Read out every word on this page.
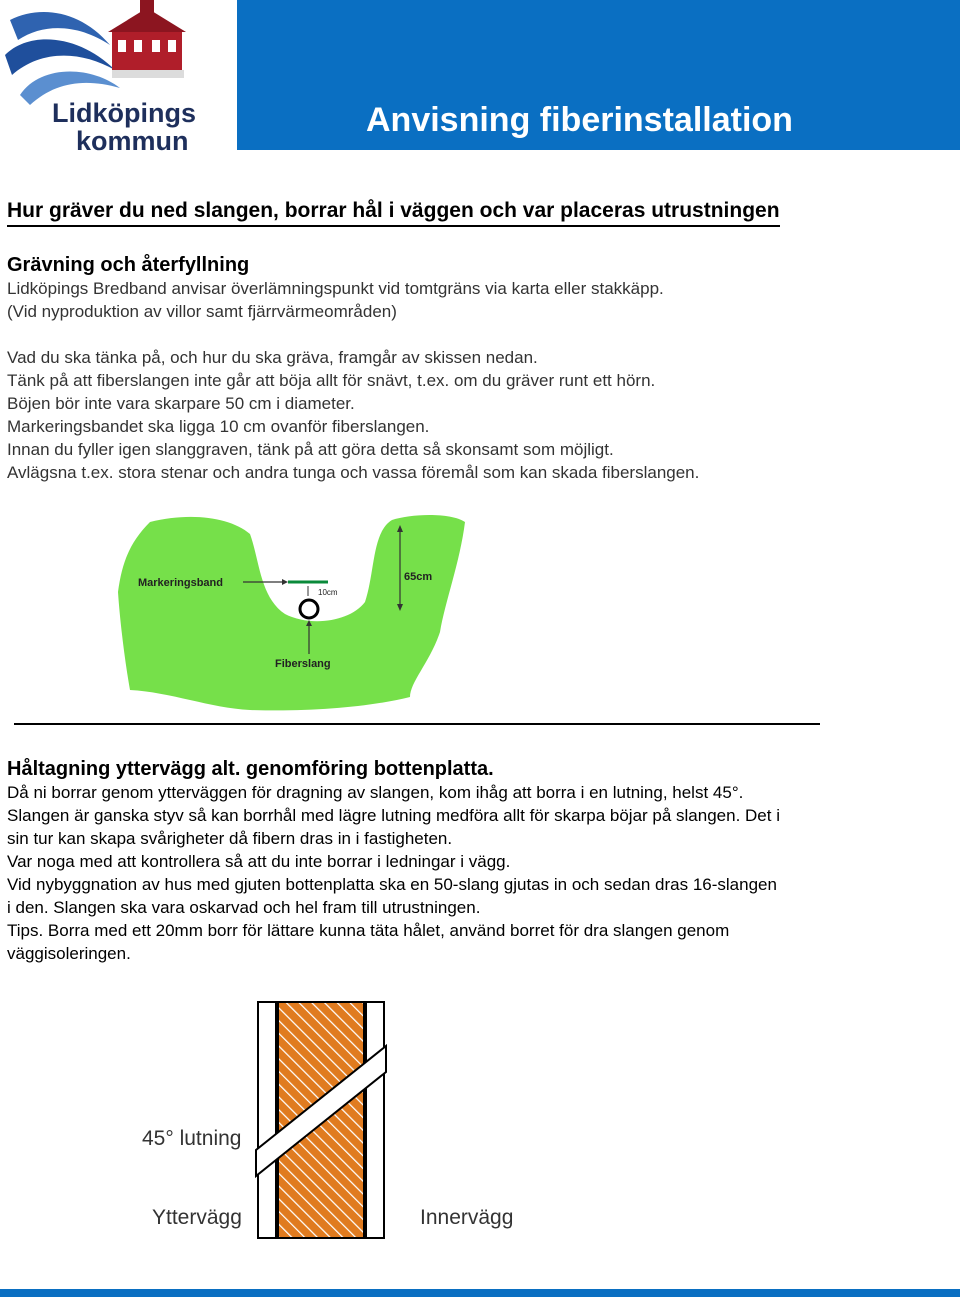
Lidköpings
kommun
Anvisning fiberinstallation
Hur gräver du ned slangen, borrar hål i väggen och var placeras utrustningen
Grävning och återfyllning
Lidköpings Bredband anvisar överlämningspunkt vid tomtgräns via karta eller stakkäpp.
(Vid nyproduktion av villor samt fjärrvärmeområden)
Vad du ska tänka på, och hur du ska gräva, framgår av skissen nedan.
Tänk på att fiberslangen inte går att böja allt för snävt, t.ex. om du gräver runt ett hörn.
Böjen bör inte vara skarpare 50 cm i diameter.
Markeringsbandet ska ligga 10 cm ovanför fiberslangen.
Innan du fyller igen slanggraven, tänk på att göra detta så skonsamt som möjligt.
Avlägsna t.ex. stora stenar och andra tunga och vassa föremål som kan skada fiberslangen.
Markeringsband
10cm
Fiberslang
65cm
Håltagning yttervägg alt. genomföring bottenplatta.
Då ni borrar genom ytterväggen för dragning av slangen, kom ihåg att borra i en lutning, helst 45°.
Slangen är ganska styv så kan borrhål med lägre lutning medföra allt för skarpa böjar på slangen. Det i
sin tur kan skapa svårigheter då fibern dras in i fastigheten.
Var noga med att kontrollera så att du inte borrar i ledningar i vägg.
Vid nybyggnation av hus med gjuten bottenplatta ska en 50-slang gjutas in och sedan dras 16-slangen
i den. Slangen ska vara oskarvad och hel fram till utrustningen.
Tips. Borra med ett 20mm borr för lättare kunna täta hålet, använd borret för dra slangen genom
väggisoleringen.
45° lutning
Yttervägg	Innervägg
